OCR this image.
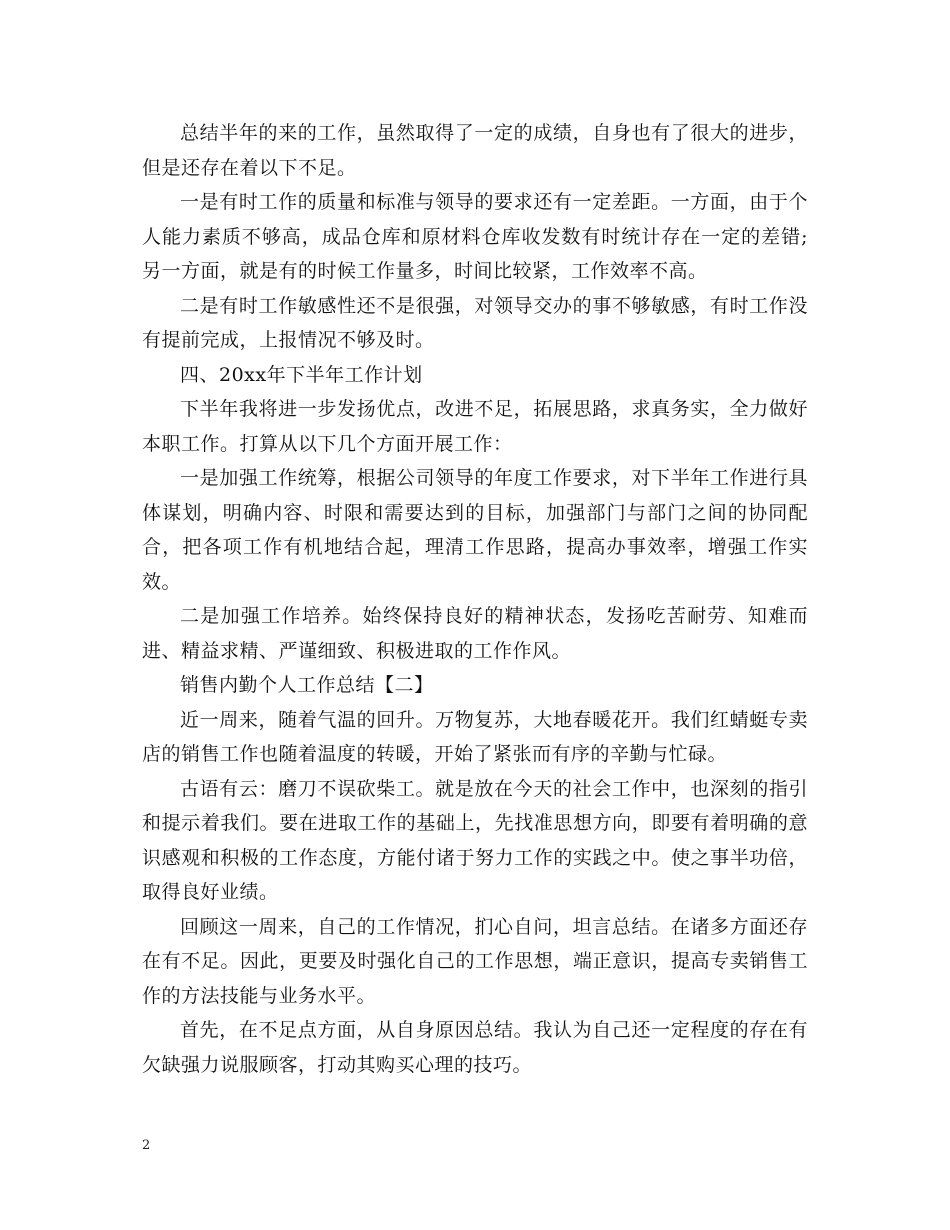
总结半年的来的工作，虽然取得了一定的成绩，自身也有了很大的进步，但是还存在着以下不足。

一是有时工作的质量和标准与领导的要求还有一定差距。一方面，由于个人能力素质不够高，成品仓库和原材料仓库收发数有时统计存在一定的差错;另一方面，就是有的时候工作量多，时间比较紧，工作效率不高。

二是有时工作敏感性还不是很强，对领导交办的事不够敏感，有时工作没有提前完成，上报情况不够及时。

四、20xx年下半年工作计划

下半年我将进一步发扬优点，改进不足，拓展思路，求真务实，全力做好本职工作。打算从以下几个方面开展工作：

一是加强工作统筹，根据公司领导的年度工作要求，对下半年工作进行具体谋划，明确内容、时限和需要达到的目标，加强部门与部门之间的协同配合，把各项工作有机地结合起，理清工作思路，提高办事效率，增强工作实效。

二是加强工作培养。始终保持良好的精神状态，发扬吃苦耐劳、知难而进、精益求精、严谨细致、积极进取的工作作风。

销售内勤个人工作总结【二】

近一周来，随着气温的回升。万物复苏，大地春暖花开。我们红蜻蜓专卖店的销售工作也随着温度的转暖，开始了紧张而有序的辛勤与忙碌。

古语有云：磨刀不误砍柴工。就是放在今天的社会工作中，也深刻的指引和提示着我们。要在进取工作的基础上，先找准思想方向，即要有着明确的意识感观和积极的工作态度，方能付诸于努力工作的实践之中。使之事半功倍，取得良好业绩。

回顾这一周来，自己的工作情况，扪心自问，坦言总结。在诸多方面还存在有不足。因此，更要及时强化自己的工作思想，端正意识，提高专卖销售工作的方法技能与业务水平。

首先，在不足点方面，从自身原因总结。我认为自己还一定程度的存在有欠缺强力说服顾客，打动其购买心理的技巧。

2
